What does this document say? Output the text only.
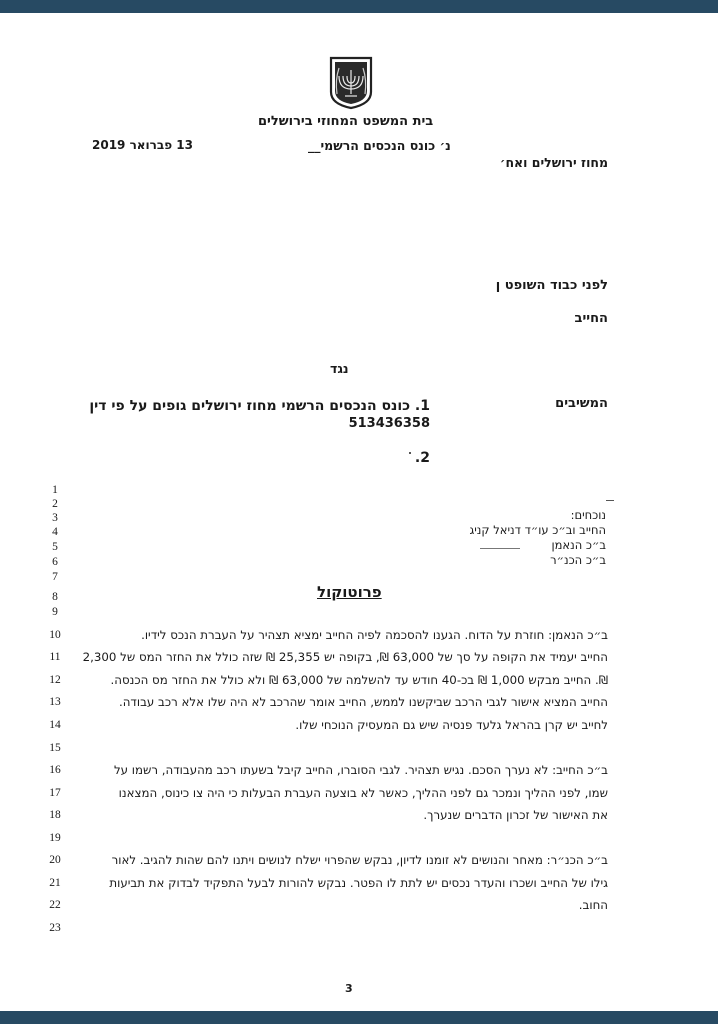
בית המשפט המחוזי בירושלים
13 פברואר 2019	נ׳ כונס הנכסים הרשמי__
מחוז ירושלים ואח׳
לפני כבוד השופט ן
החייב
נגד
המשיבים
1. כונס הנכסים הרשמי מחוז ירושלים גופים על פי דין
513436358
2.
1
2
3
4
5
6
7
8
9
10
11
12
13
14
15
16
17
18
19
20
21
22
23
נוכחים:
החייב וב״כ עו״ד דניאל קניג
ב״כ הנאמן
ב״כ הכנ״ר
פרוטוקול
ב״כ הנאמן: חוזרת על הדוח. הגענו להסכמה לפיה החייב ימציא תצהיר על העברת הנכס לידיו.
החייב יעמיד את הקופה על סך של 63,000 ₪, בקופה יש 25,355 ₪ שזה כולל את החזר המס של 2,300
₪. החייב מבקש 1,000 ₪ בכ-40 חודש עד להשלמה של 63,000 ₪ ולא כולל את החזר מס הכנסה.
החייב המציא אישור לגבי הרכב שביקשנו לממש, החייב אומר שהרכב לא היה שלו אלא רכב עבודה.
לחייב יש קרן בהראל גלעד פנסיה שיש גם המעסיק הנוכחי שלו.
ב״כ החייב: לא נערך הסכם. נגיש תצהיר. לגבי הסוברו, החייב קיבל בשעתו רכב מהעבודה, רשמו על
שמו, לפני ההליך ונמכר גם לפני ההליך, כאשר לא בוצעה העברת הבעלות כי היה צו כינוס, המצאנו
את האישור של זכרון הדברים שנערך.
ב״כ הכנ״ר: מאחר והנושים לא זומנו לדיון, נבקש שהפרוי ישלח לנושים ויתנו להם שהות להגיב. לאור
גילו של החייב ושכרו והעדר נכסים יש לתת לו הפטר. נבקש להורות לבעל התפקיד לבדוק את תביעות
החוב.
3
